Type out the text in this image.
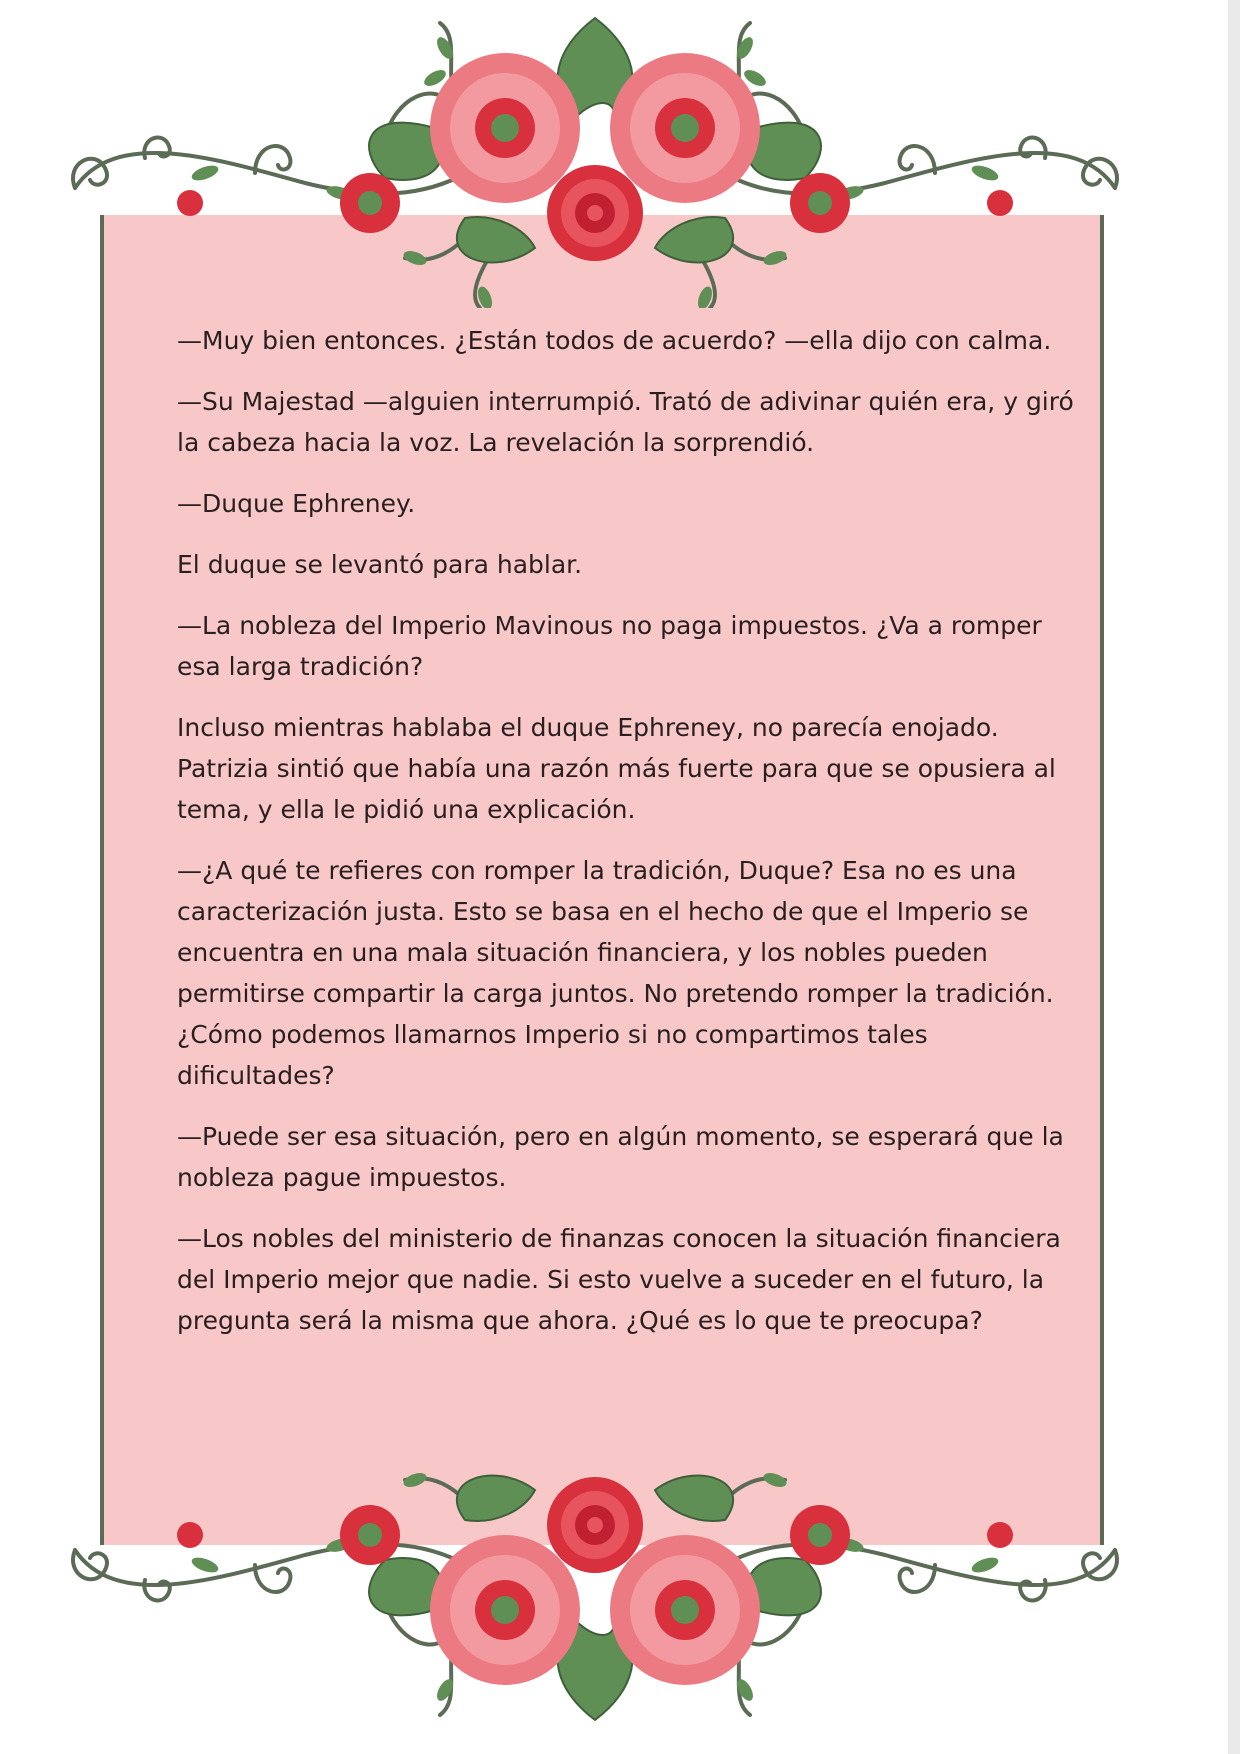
—Muy bien entonces. ¿Están todos de acuerdo? —ella dijo con calma.

—Su Majestad —alguien interrumpió. Trató de adivinar quién era, y giró la cabeza hacia la voz. La revelación la sorprendió.

—Duque Ephreney.

El duque se levantó para hablar.

—La nobleza del Imperio Mavinous no paga impuestos. ¿Va a romper esa larga tradición?

Incluso mientras hablaba el duque Ephreney, no parecía enojado. Patrizia sintió que había una razón más fuerte para que se opusiera al tema, y ella le pidió una explicación.

—¿A qué te refieres con romper la tradición, Duque? Esa no es una caracterización justa. Esto se basa en el hecho de que el Imperio se encuentra en una mala situación financiera, y los nobles pueden permitirse compartir la carga juntos. No pretendo romper la tradición. ¿Cómo podemos llamarnos Imperio si no compartimos tales dificultades?

—Puede ser esa situación, pero en algún momento, se esperará que la nobleza pague impuestos.

—Los nobles del ministerio de finanzas conocen la situación financiera del Imperio mejor que nadie. Si esto vuelve a suceder en el futuro, la pregunta será la misma que ahora. ¿Qué es lo que te preocupa?
